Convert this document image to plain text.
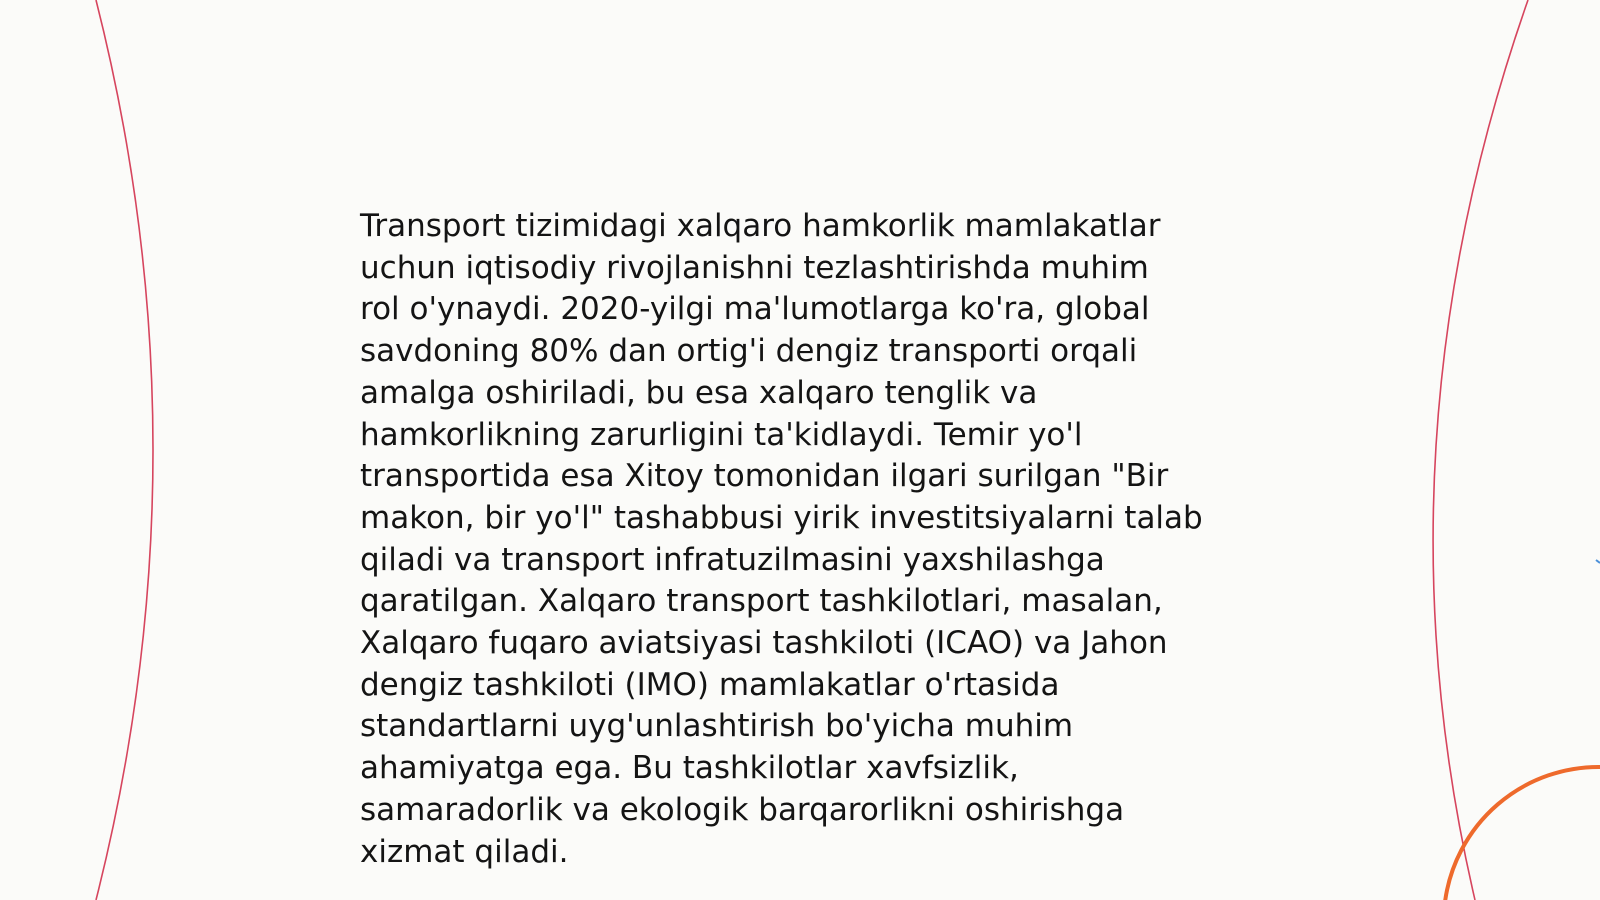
Transport tizimidagi xalqaro hamkorlik mamlakatlar
uchun iqtisodiy rivojlanishni tezlashtirishda muhim
rol o'ynaydi. 2020-yilgi ma'lumotlarga ko'ra, global
savdoning 80% dan ortig'i dengiz transporti orqali
amalga oshiriladi, bu esa xalqaro tenglik va
hamkorlikning zarurligini ta'kidlaydi. Temir yo'l
transportida esa Xitoy tomonidan ilgari surilgan "Bir
makon, bir yo'l" tashabbusi yirik investitsiyalarni talab
qiladi va transport infratuzilmasini yaxshilashga
qaratilgan. Xalqaro transport tashkilotlari, masalan,
Xalqaro fuqaro aviatsiyasi tashkiloti (ICAO) va Jahon
dengiz tashkiloti (IMO) mamlakatlar o'rtasida
standartlarni uyg'unlashtirish bo'yicha muhim
ahamiyatga ega. Bu tashkilotlar xavfsizlik,
samaradorlik va ekologik barqarorlikni oshirishga
xizmat qiladi.
